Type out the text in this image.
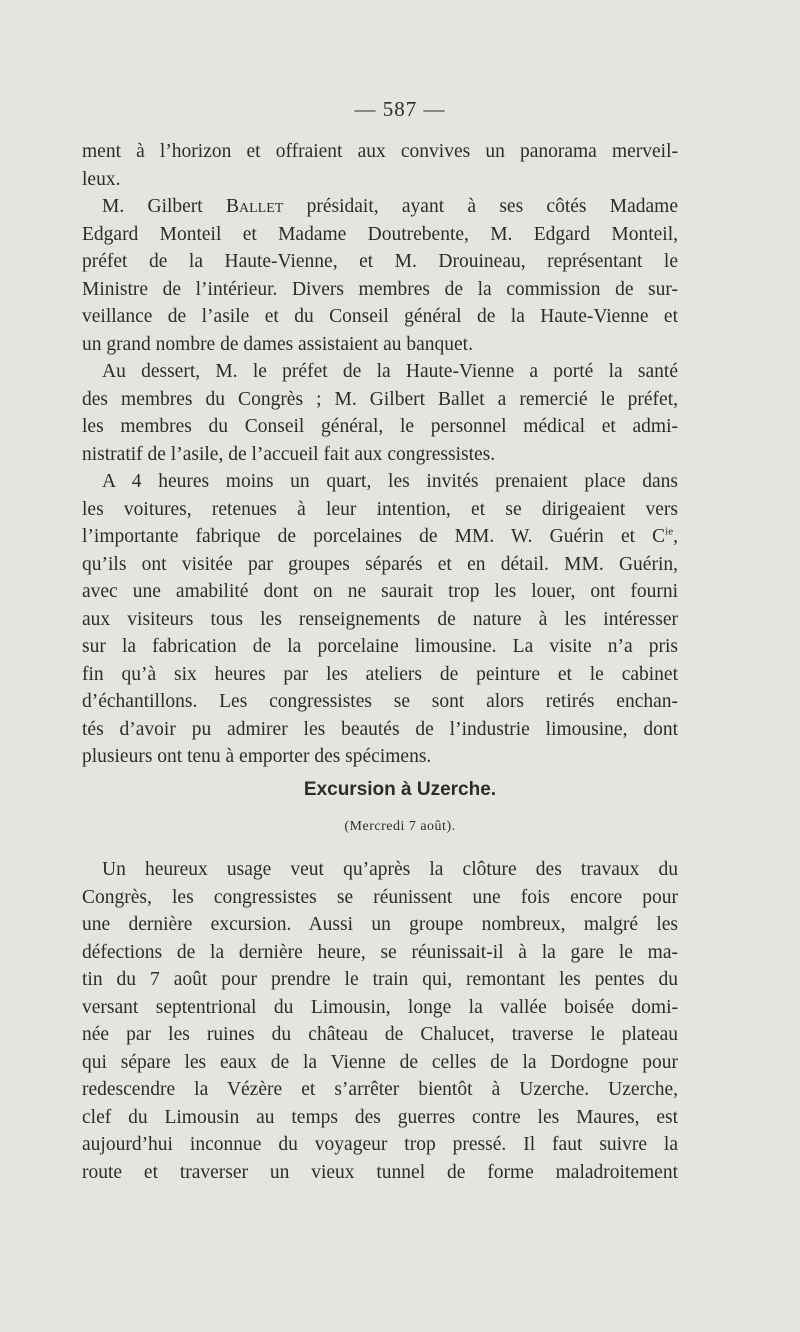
— 587 —
ment à l’horizon et offraient aux convives un panorama merveil-
leux.
M. Gilbert Ballet présidait, ayant à ses côtés Madame
Edgard Monteil et Madame Doutrebente, M. Edgard Monteil,
préfet de la Haute-Vienne, et M. Drouineau, représentant le
Ministre de l’intérieur. Divers membres de la commission de sur-
veillance de l’asile et du Conseil général de la Haute-Vienne et
un grand nombre de dames assistaient au banquet.
Au dessert, M. le préfet de la Haute-Vienne a porté la santé
des membres du Congrès ; M. Gilbert Ballet a remercié le préfet,
les membres du Conseil général, le personnel médical et admi-
nistratif de l’asile, de l’accueil fait aux congressistes.
A 4 heures moins un quart, les invités prenaient place dans
les voitures, retenues à leur intention, et se dirigeaient vers
l’importante fabrique de porcelaines de MM. W. Guérin et $C^{ie}$,
qu’ils ont visitée par groupes séparés et en détail. MM. Guérin,
avec une amabilité dont on ne saurait trop les louer, ont fourni
aux visiteurs tous les renseignements de nature à les intéresser
sur la fabrication de la porcelaine limousine. La visite n’a pris
fin qu’à six heures par les ateliers de peinture et le cabinet
d’échantillons. Les congressistes se sont alors retirés enchan-
tés d’avoir pu admirer les beautés de l’industrie limousine, dont
plusieurs ont tenu à emporter des spécimens.
Excursion à Uzerche.
(Mercredi 7 août).
Un heureux usage veut qu’après la clôture des travaux du
Congrès, les congressistes se réunissent une fois encore pour
une dernière excursion. Aussi un groupe nombreux, malgré les
défections de la dernière heure, se réunissait-il à la gare le ma-
tin du 7 août pour prendre le train qui, remontant les pentes du
versant septentrional du Limousin, longe la vallée boisée domi-
née par les ruines du château de Chalucet, traverse le plateau
qui sépare les eaux de la Vienne de celles de la Dordogne pour
redescendre la Vézère et s’arrêter bientôt à Uzerche. Uzerche,
clef du Limousin au temps des guerres contre les Maures, est
aujourd’hui inconnue du voyageur trop pressé. Il faut suivre la
route et traverser un vieux tunnel de forme maladroitement
